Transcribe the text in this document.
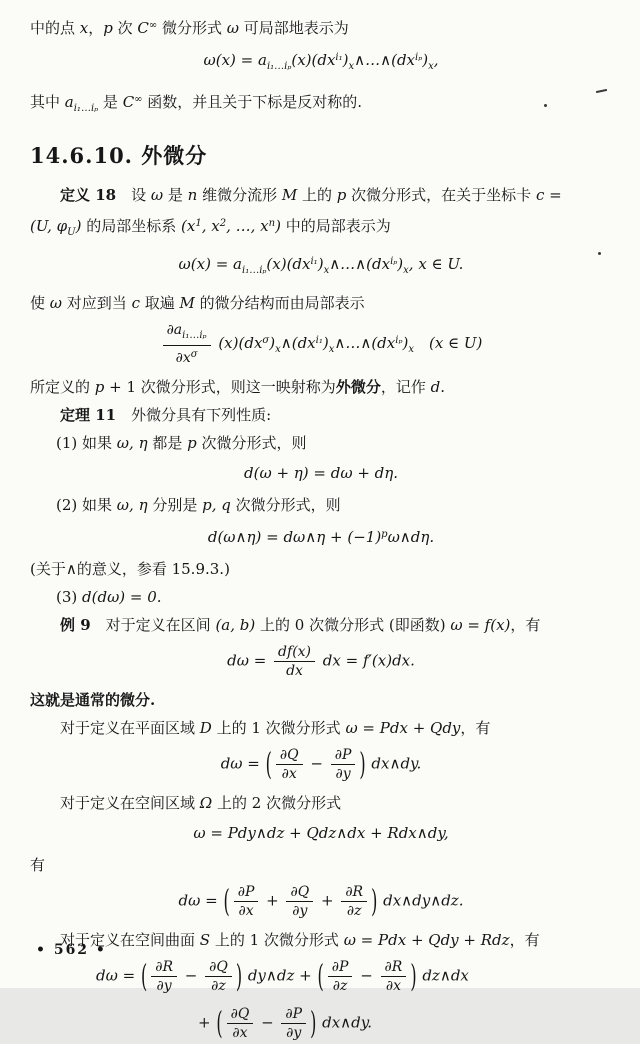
中的点 x，p 次 C∞ 微分形式 ω 可局部地表示为
$\omega(x) = a_{i_1\dots i_p}(x)(dx^{i_1})_x\wedge\dots\wedge(dx^{i_p})_x$,
其中 $a_{i_1\dots i_p}$ 是 C∞ 函数，并且关于下标是反对称的.
14.6.10. 外微分
定义 18　设 ω 是 n 维微分流形 M 上的 p 次微分形式，在关于坐标卡 c =
(U, $\varphi_U$) 的局部坐标系 ($x^1$, $x^2$, …, $x^n$) 中的局部表示为
$\omega(x) = a_{i_1\dots i_p}(x)(dx^{i_1})_x\wedge\dots\wedge(dx^{i_p})_x$, x ∈ U.
使 ω 对应到当 c 取遍 M 的微分结构而由局部表示
$\frac{\partial a_{i_1\dots i_p}}{\partial x^\sigma}$ $(x)(dx^\sigma)_x\wedge(dx^{i_1})_x\wedge\dots\wedge(dx^{i_p})_x$　 (x ∈ U)
所定义的 p + 1 次微分形式，则这一映射称为外微分，记作 d.
定理 11　外微分具有下列性质:
(1) 如果 ω, η 都是 p 次微分形式，则
d(ω + η) = dω + dη.
(2) 如果 ω, η 分别是 p, q 次微分形式，则
d(ω∧η) = dω∧η + $(-1)^p\omega\wedge d\eta$.
(关于∧的意义，参看 15.9.3.)
(3) d(dω) = 0.
例 9　对于定义在区间 (a, b) 上的 0 次微分形式 (即函数) ω = f(x)，有
$d\omega = \frac{df(x)}{dx}$ dx = f′(x)dx.
这就是通常的微分.
对于定义在平面区域 D 上的 1 次微分形式 ω = Pdx + Qdy，有
dω = ( $\frac{\partial Q}{\partial x} - \frac{\partial P}{\partial y}$ ) dx∧dy.
对于定义在空间区域 Ω 上的 2 次微分形式
ω = Pdy∧dz + Qdz∧dx + Rdx∧dy,
有
dω = ( $\frac{\partial P}{\partial x} + \frac{\partial Q}{\partial y} + \frac{\partial R}{\partial z}$ ) dx∧dy∧dz.
对于定义在空间曲面 S 上的 1 次微分形式 ω = Pdx + Qdy + Rdz，有
dω = ( $\frac{\partial R}{\partial y} - \frac{\partial Q}{\partial z}$ ) dy∧dz + ( $\frac{\partial P}{\partial z} - \frac{\partial R}{\partial x}$ ) dz∧dx
+ ( $\frac{\partial Q}{\partial x} - \frac{\partial P}{\partial y}$ ) dx∧dy.
• 562 •
